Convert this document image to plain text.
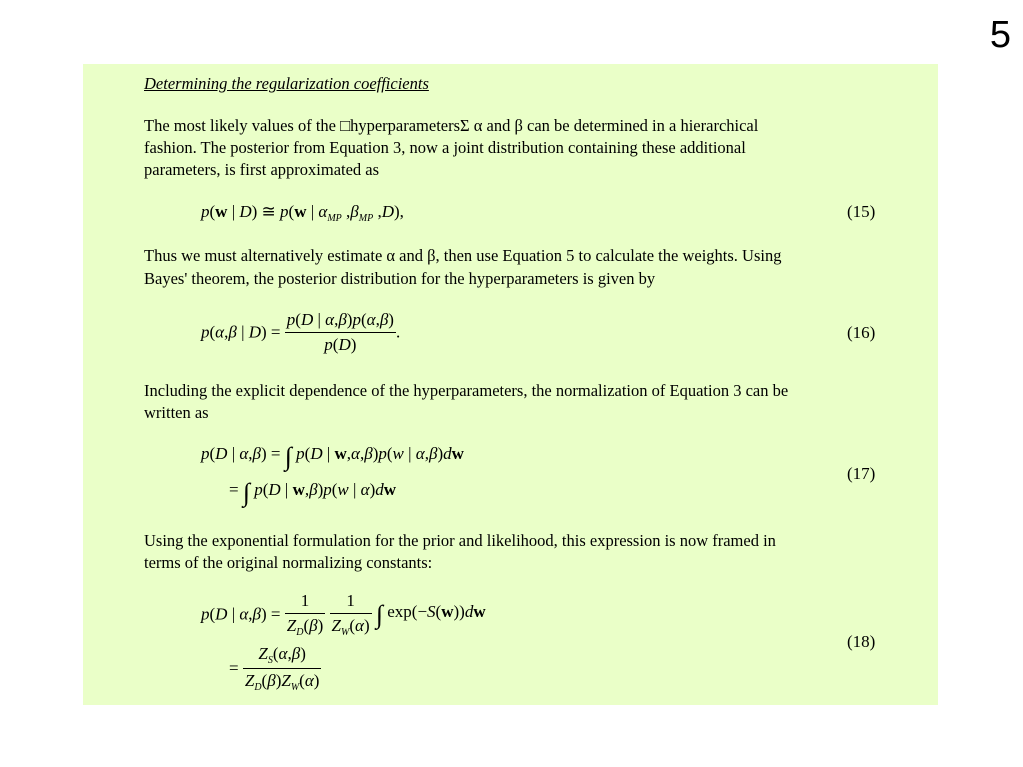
5
Determining the regularization coefficients
The most likely values of the □hyperparametersΣ α and β can be determined in a hierarchical
fashion. The posterior from Equation 3, now a joint distribution containing these additional
parameters, is first approximated as
p(w | D) ≅ p(w | $\alpha_{MP}$ $,\beta_{MP}$ ,D),	(15)
Thus we must alternatively estimate α and β, then use Equation 5 to calculate the weights. Using
Bayes' theorem, the posterior distribution for the hyperparameters is given by
p(α,β | $D) = \frac{p(D | \alpha,\beta)p(\alpha,\beta)}{p(D)}$ .	(16)
Including the explicit dependence of the hyperparameters, the normalization of Equation 3 can be
written as
p(D | α,β) = ∫ p(D | w,α,β)p(w | α,β)dw
= ∫ p(D | w,β)p(w | α)dw
(17)
Using the exponential formulation for the prior and likelihood, this expression is now framed in
terms of the original normalizing constants:
p(D | $\alpha,\beta) = \frac{1}{Z_D(\beta)}$
$\frac{1}{Z_W(\alpha)}$ ∫ exp(−S(w))dw
= $\frac{Z_S(\alpha,\beta)}{Z_D(\beta)Z_W(\alpha)}$
(18)
